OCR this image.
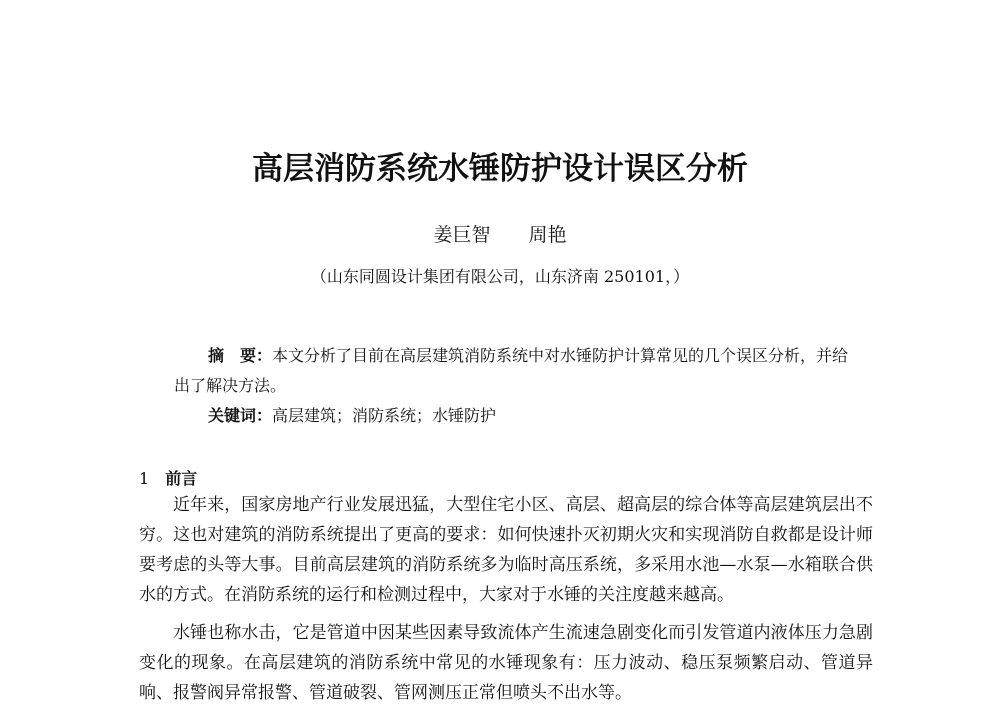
高层消防系统水锤防护设计误区分析
姜巨智　　周艳
（山东同圆设计集团有限公司，山东济南 250101，）
摘　要：本文分析了目前在高层建筑消防系统中对水锤防护计算常见的几个误区分析，并给出了解决方法。
关键词：高层建筑；消防系统；水锤防护
1 前言
近年来，国家房地产行业发展迅猛，大型住宅小区、高层、超高层的综合体等高层建筑层出不穷。这也对建筑的消防系统提出了更高的要求：如何快速扑灭初期火灾和实现消防自救都是设计师要考虑的头等大事。目前高层建筑的消防系统多为临时高压系统，多采用水池—水泵—水箱联合供水的方式。在消防系统的运行和检测过程中，大家对于水锤的关注度越来越高。
水锤也称水击，它是管道中因某些因素导致流体产生流速急剧变化而引发管道内液体压力急剧变化的现象。在高层建筑的消防系统中常见的水锤现象有：压力波动、稳压泵频繁启动、管道异响、报警阀异常报警、管道破裂、管网测压正常但喷头不出水等。
